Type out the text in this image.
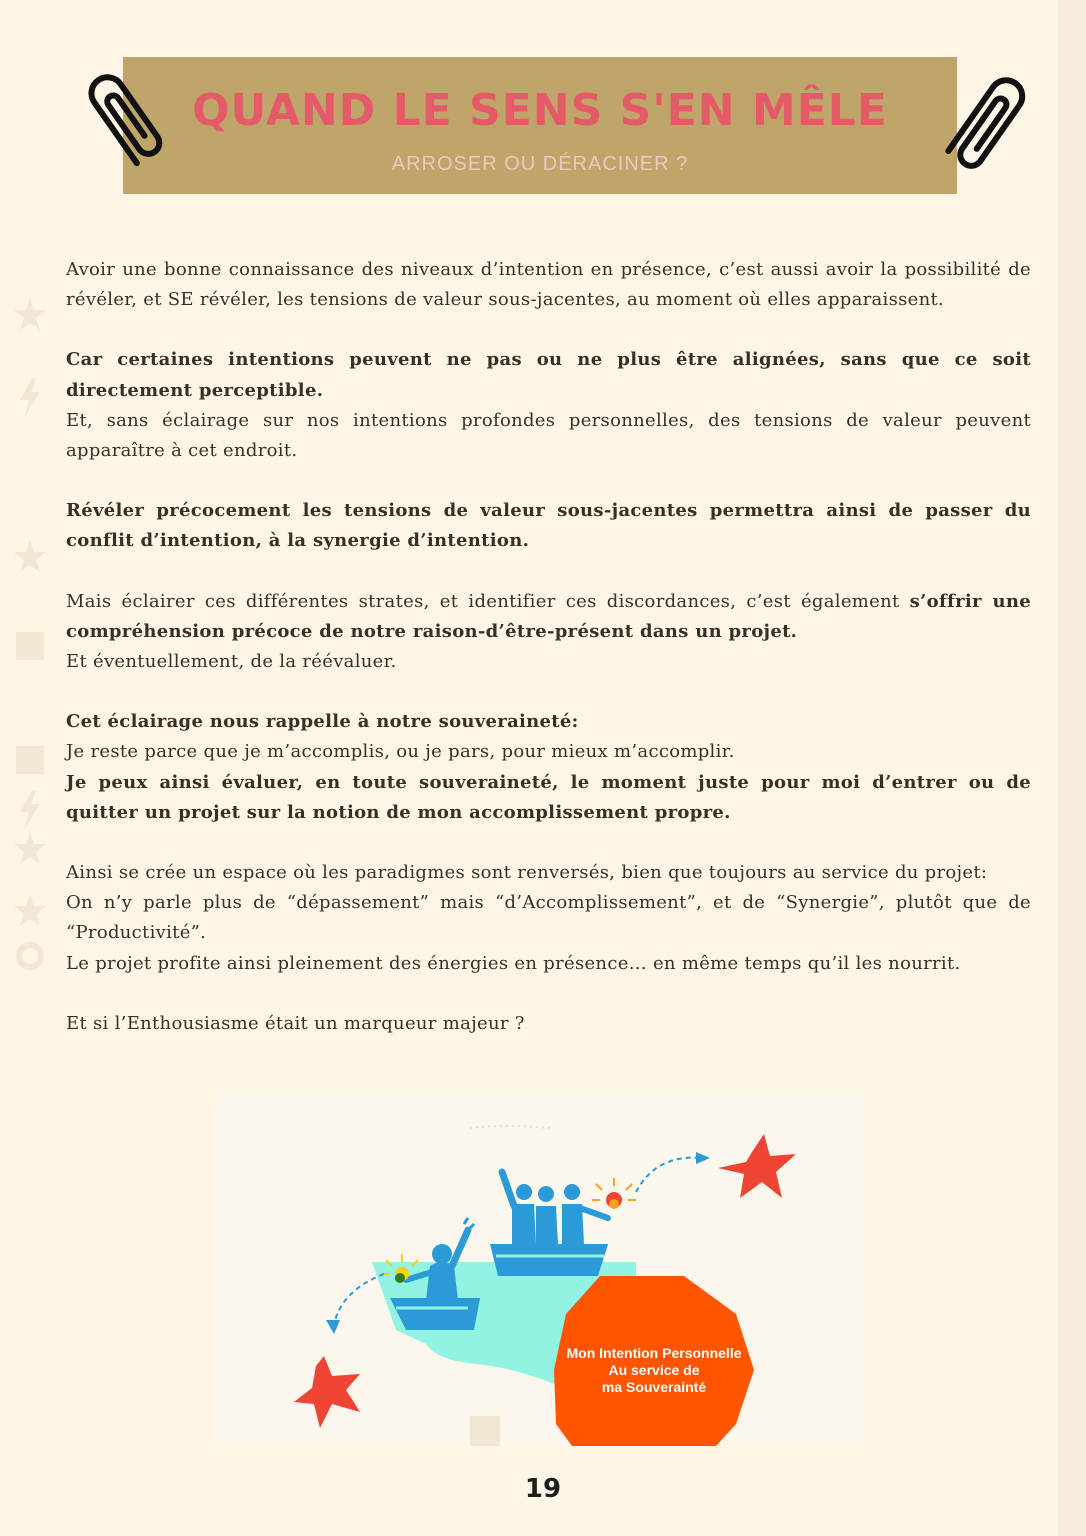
QUAND LE SENS S'EN MÊLE
ARROSER OU DÉRACINER ?

Avoir une bonne connaissance des niveaux d’intention en présence, c’est aussi avoir la possibilité de révéler, et SE révéler, les tensions de valeur sous-jacentes, au moment où elles apparaissent.

Car certaines intentions peuvent ne pas ou ne plus être alignées, sans que ce soit directement perceptible.
Et, sans éclairage sur nos intentions profondes personnelles, des tensions de valeur peuvent apparaître à cet endroit.

Révéler précocement les tensions de valeur sous-jacentes permettra ainsi de passer du conflit d’intention, à la synergie d’intention.

Mais éclairer ces différentes strates, et identifier ces discordances, c’est également s’offrir une compréhension précoce de notre raison-d’être-présent dans un projet.
Et éventuellement, de la réévaluer.

Cet éclairage nous rappelle à notre souveraineté:
Je reste parce que je m’accomplis, ou je pars, pour mieux m’accomplir.
Je peux ainsi évaluer, en toute souveraineté, le moment juste pour moi d’entrer ou de quitter un projet sur la notion de mon accomplissement propre.

Ainsi se crée un espace où les paradigmes sont renversés, bien que toujours au service du projet:
On n’y parle plus de “dépassement” mais “d’Accomplissement”, et de “Synergie”, plutôt que de “Productivité”.
Le projet profite ainsi pleinement des énergies en présence… en même temps qu’il les nourrit.

Et si l’Enthousiasme était un marqueur majeur ?

Mon Intention Personnelle
Au service de
ma Souverainté
19
